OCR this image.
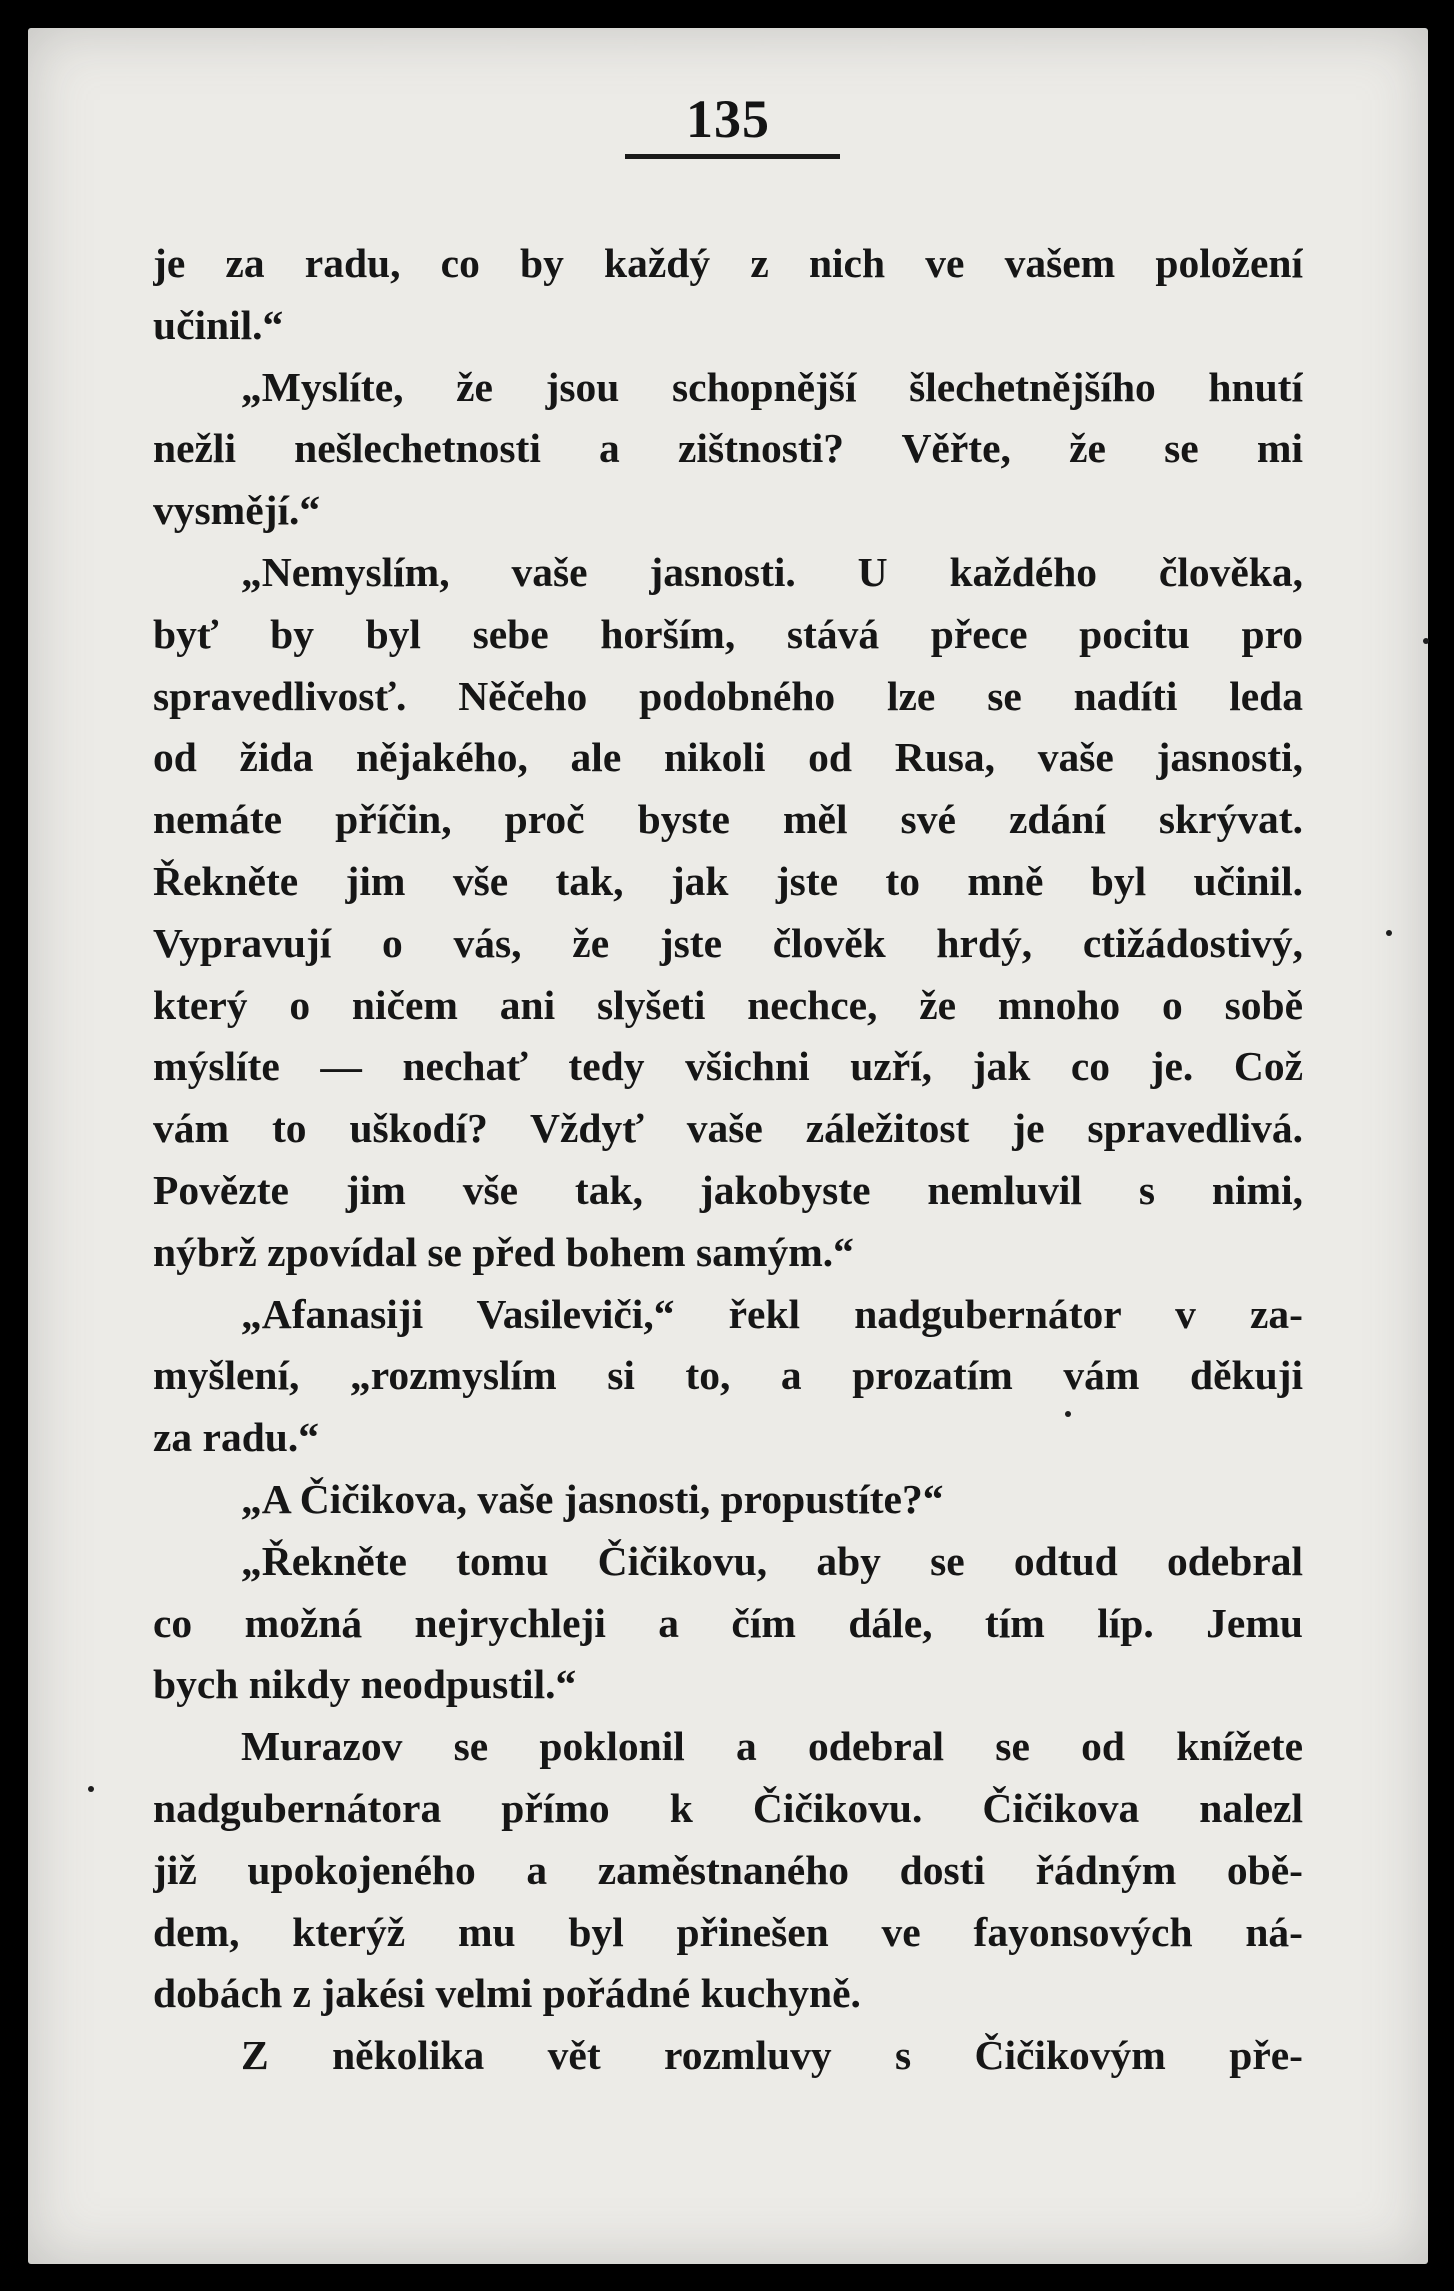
135
je za radu, co by každý z nich ve vašem položení
učinil.“
„Myslíte, že jsou schopnější šlechetnějšího hnutí
nežli nešlechetnosti a zištnosti? Věřte, že se mi
vysmějí.“
„Nemyslím, vaše jasnosti. U každého člověka,
byť by byl sebe horším, stává přece pocitu pro
spravedlivosť. Něčeho podobného lze se nadíti leda
od žida nějakého, ale nikoli od Rusa, vaše jasnosti,
nemáte příčin, proč byste měl své zdání skrývat.
Řekněte jim vše tak, jak jste to mně byl učinil.
Vypravují o vás, že jste člověk hrdý, ctižádostivý,
který o ničem ani slyšeti nechce, že mnoho o sobě
mýslíte — nechať tedy všichni uzří, jak co je. Což
vám to uškodí? Vždyť vaše záležitost je spravedlivá.
Povězte jim vše tak, jakobyste nemluvil s nimi,
nýbrž zpovídal se před bohem samým.“
„Afanasiji Vasileviči,“ řekl nadgubernátor v za-
myšlení, „rozmyslím si to, a prozatím vám děkuji
za radu.“
„A Čičikova, vaše jasnosti, propustíte?“
„Řekněte tomu Čičikovu, aby se odtud odebral
co možná nejrychleji a čím dále, tím líp. Jemu
bych nikdy neodpustil.“
Murazov se poklonil a odebral se od knížete
nadgubernátora přímo k Čičikovu. Čičikova nalezl
již upokojeného a zaměstnaného dosti řádným obě-
dem, kterýž mu byl přinešen ve fayonsových ná-
dobách z jakési velmi pořádné kuchyně.
Z několika vět rozmluvy s Čičikovým pře-
